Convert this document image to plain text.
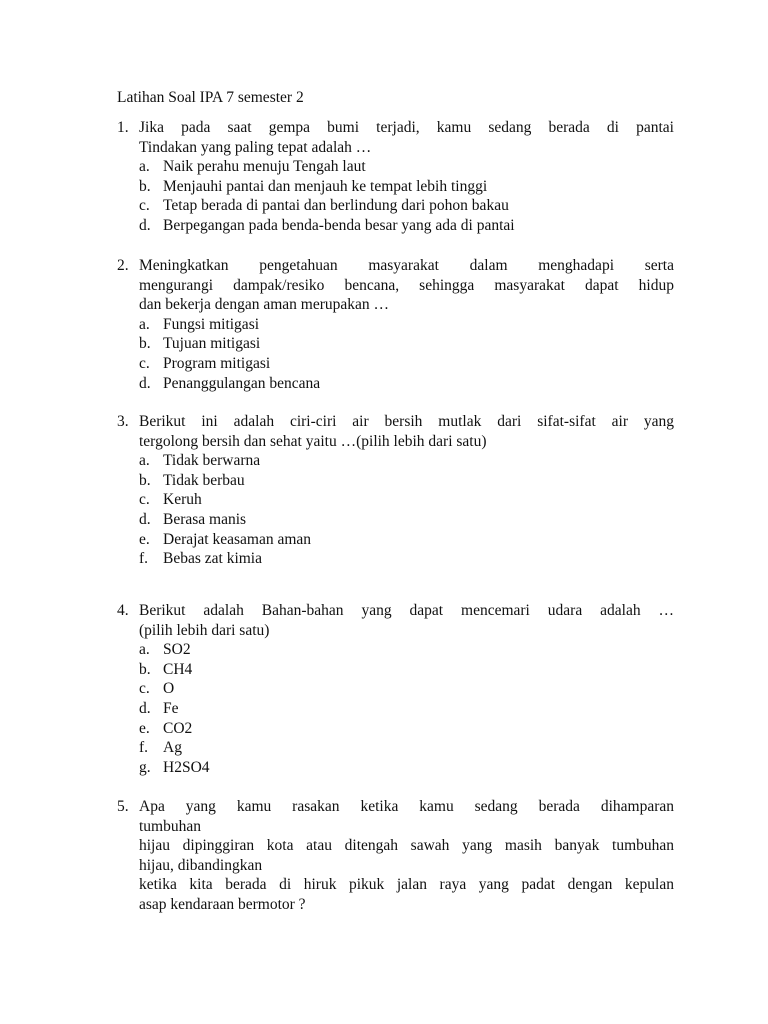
Latihan Soal IPA 7 semester 2
1. Jika pada saat gempa bumi terjadi, kamu sedang berada di pantai
Tindakan yang paling tepat adalah …
a. Naik perahu menuju Tengah laut
b. Menjauhi pantai dan menjauh ke tempat lebih tinggi
c. Tetap berada di pantai dan berlindung dari pohon bakau
d. Berpegangan pada benda-benda besar yang ada di pantai
2. Meningkatkan pengetahuan masyarakat dalam menghadapi serta
mengurangi dampak/resiko bencana, sehingga masyarakat dapat hidup
dan bekerja dengan aman merupakan …
a. Fungsi mitigasi
b. Tujuan mitigasi
c. Program mitigasi
d. Penanggulangan bencana
3. Berikut ini adalah ciri-ciri air bersih mutlak dari sifat-sifat air yang
tergolong bersih dan sehat yaitu …(pilih lebih dari satu)
a. Tidak berwarna
b. Tidak berbau
c. Keruh
d. Berasa manis
e. Derajat keasaman aman
f. Bebas zat kimia
4. Berikut adalah Bahan-bahan yang dapat mencemari udara adalah …
(pilih lebih dari satu)
a. SO2
b. CH4
c. O
d. Fe
e. CO2
f. Ag
g. H2SO4
5. Apa yang kamu rasakan ketika kamu sedang berada dihamparan
tumbuhan
hijau dipinggiran kota atau ditengah sawah yang masih banyak tumbuhan
hijau, dibandingkan
ketika kita berada di hiruk pikuk jalan raya yang padat dengan kepulan
asap kendaraan bermotor ?
